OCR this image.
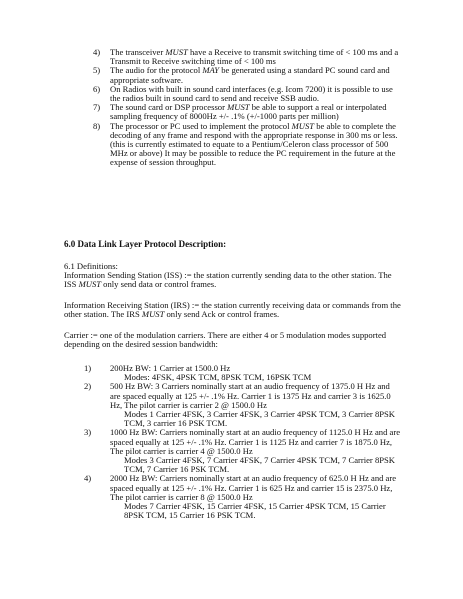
4) The transceiver MUST have a Receive to transmit switching time of < 100 ms and a Transmit to Receive switching time of < 100 ms
5) The audio for the protocol MAY be generated using a standard PC sound card and appropriate software.
6) On Radios with built in sound card interfaces (e.g. Icom 7200) it is possible to use the radios built in sound card to send and receive SSB audio.
7) The sound card or DSP processor MUST be able to support a real or interpolated sampling frequency of 8000Hz +/- .1% (+/-1000 parts per million)
8) The processor or PC used to implement the protocol MUST be able to complete the decoding of any frame and respond with the appropriate response in 300 ms or less. (this is currently estimated to equate to a Pentium/Celeron class processor of 500 MHz or above) It may be possible to reduce the PC requirement in the future at the expense of session throughput.
6.0 Data Link Layer Protocol Description:
6.1 Definitions:
Information Sending Station (ISS) := the station currently sending data to the other station. The ISS MUST only send data or control frames.
Information Receiving Station (IRS) := the station currently receiving data or commands from the other station. The IRS MUST only send Ack or control frames.
Carrier := one of the modulation carriers. There are either 4 or 5 modulation modes supported depending on the desired session bandwidth:
1) 200Hz BW: 1 Carrier at 1500.0 Hz
Modes: 4FSK, 4PSK TCM, 8PSK TCM, 16PSK TCM
2) 500 Hz BW: 3 Carriers nominally start at an audio frequency of 1375.0 H Hz and are spaced equally at 125 +/- .1% Hz. Carrier 1 is 1375 Hz and carrier 3 is 1625.0 Hz, The pilot carrier is carrier 2 @ 1500.0 Hz
Modes 1 Carrier 4FSK, 3 Carrier 4FSK, 3 Carrier 4PSK TCM, 3 Carrier 8PSK TCM, 3 carrier 16 PSK TCM.
3) 1000 Hz BW: Carriers nominally start at an audio frequency of 1125.0 H Hz and are spaced equally at 125 +/- .1% Hz. Carrier 1 is 1125 Hz and carrier 7 is 1875.0 Hz, The pilot carrier is carrier 4 @ 1500.0 Hz
Modes 3 Carrier 4FSK, 7 Carrier 4FSK, 7 Carrier 4PSK TCM, 7 Carrier 8PSK TCM, 7 Carrier 16 PSK TCM.
4) 2000 Hz BW: Carriers nominally start at an audio frequency of 625.0 H Hz and are spaced equally at 125 +/- .1% Hz. Carrier 1 is 625 Hz and carrier 15 is 2375.0 Hz, The pilot carrier is carrier 8 @ 1500.0 Hz
Modes 7 Carrier 4FSK, 15 Carrier 4FSK, 15 Carrier 4PSK TCM, 15 Carrier 8PSK TCM, 15 Carrier 16 PSK TCM.
